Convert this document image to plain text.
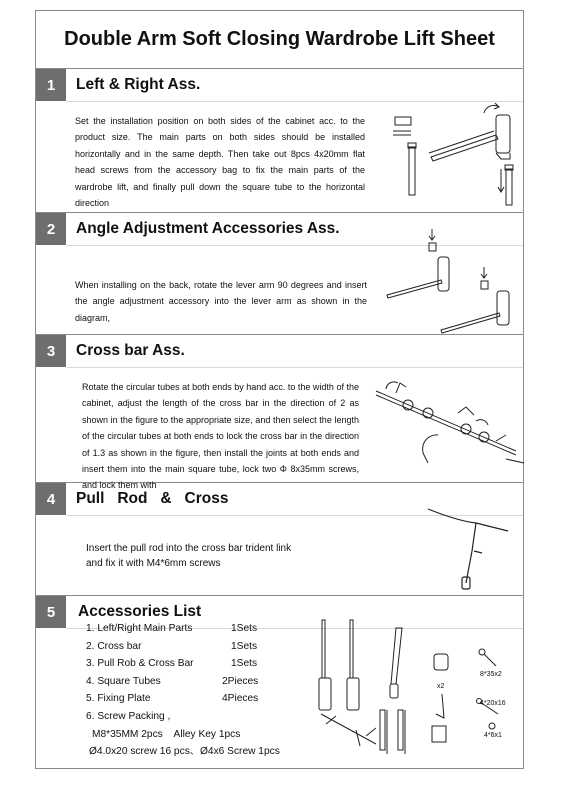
Double Arm Soft Closing Wardrobe Lift Sheet
1	Left & Right Ass.
Set the installation position on both sides of the cabinet acc. to the product size. The main parts on both sides should be installed horizontally and in the same depth. Then take out 8pcs 4x20mm flat head screws from the accessory bag to fix the main parts of the wardrobe lift, and finally pull down the square tube to the horizontal direction
2	Angle Adjustment Accessories Ass.
When installing on the back, rotate the lever arm 90 degrees and insert the angle adjustment accessory into the lever arm as shown in the diagram,
3	Cross bar Ass.
Rotate the circular tubes at both ends by hand acc. to the width of the cabinet, adjust the length of the cross bar in the direction of 2 as shown in the figure to the appropriate size, and then select the length of the circular tubes at both ends to lock the cross bar in the direction of 1.3 as shown in the figure, then install the joints at both ends and insert them into the main square tube, lock two Φ 8x35mm screws, and lock them with
4	Pull   Rod   &   Cross
Insert the pull rod into the cross bar trident link
and fix it with M4*6mm screws
5	Accessories List
1. Left/Right Main Parts	1Sets
2. Cross bar	1Sets
3. Pull Rob & Cross Bar	1Sets
4. Square Tubes	2Pieces
5. Fixing Plate	4Pieces
6. Screw Packing ,
M8*35MM 2pcs    Alley Key 1pcs
Ø4.0x20 screw 16 pcs、Ø4x6 Screw 1pcs
x2
8*35x2
4*20x16
4*6x1
